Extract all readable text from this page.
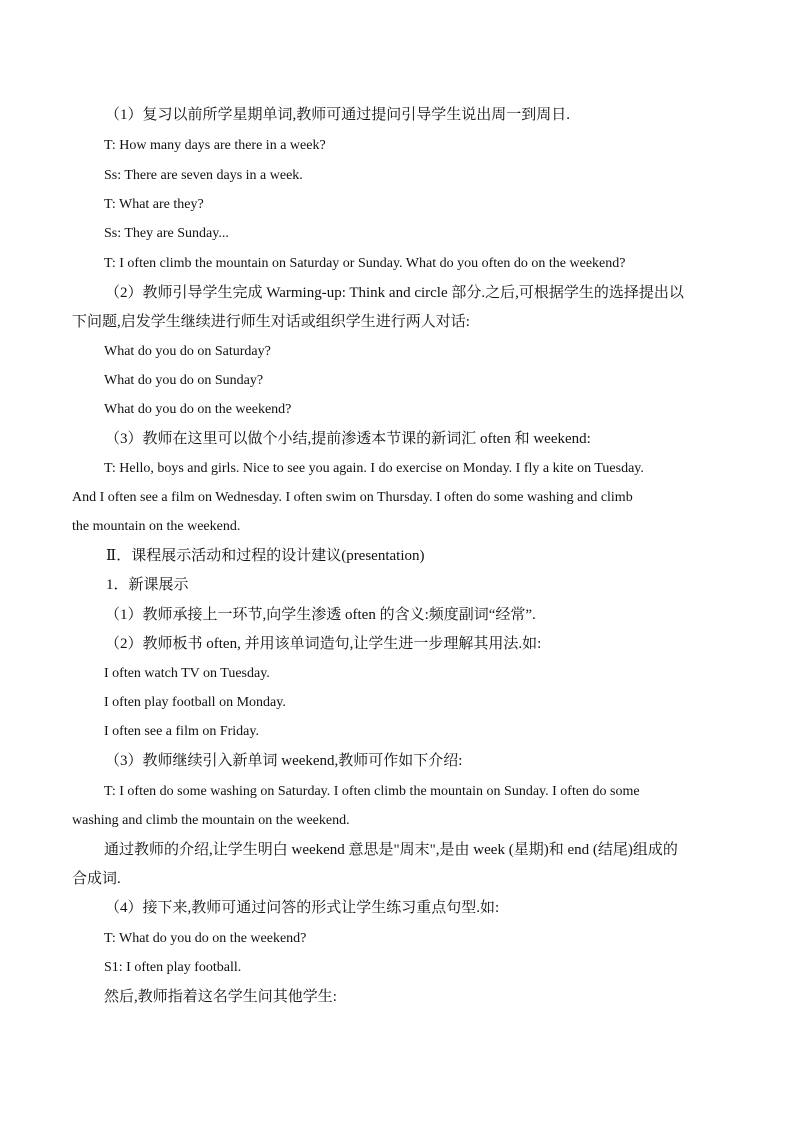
（1）复习以前所学星期单词,教师可通过提问引导学生说出周一到周日.
T: How many days are there in a week?
Ss: There are seven days in a week.
T: What are they?
Ss: They are Sunday...
T: I often climb the mountain on Saturday or Sunday. What do you often do on the weekend?
（2）教师引导学生完成 Warming-up: Think and circle 部分.之后,可根据学生的选择提出以
下问题,启发学生继续进行师生对话或组织学生进行两人对话:
What do you do on Saturday?
What do you do on Sunday?
What do you do on the weekend?
（3）教师在这里可以做个小结,提前渗透本节课的新词汇 often 和 weekend:
T: Hello, boys and girls. Nice to see you again. I do exercise on Monday. I fly a kite on Tuesday.
And I often see a film on Wednesday. I often swim on Thursday. I often do some washing and climb
the mountain on the weekend.
Ⅱ．课程展示活动和过程的设计建议(presentation)
1．新课展示
（1）教师承接上一环节,向学生渗透 often 的含义:频度副词“经常”.
（2）教师板书 often, 并用该单词造句,让学生进一步理解其用法.如:
I often watch TV on Tuesday.
I often play football on Monday.
I often see a film on Friday.
（3）教师继续引入新单词 weekend,教师可作如下介绍:
T: I often do some washing on Saturday. I often climb the mountain on Sunday. I often do some
washing and climb the mountain on the weekend.
通过教师的介绍,让学生明白 weekend 意思是"周末",是由 week (星期)和 end (结尾)组成的
合成词.
（4）接下来,教师可通过问答的形式让学生练习重点句型.如:
T: What do you do on the weekend?
S1: I often play football.
然后,教师指着这名学生问其他学生:
